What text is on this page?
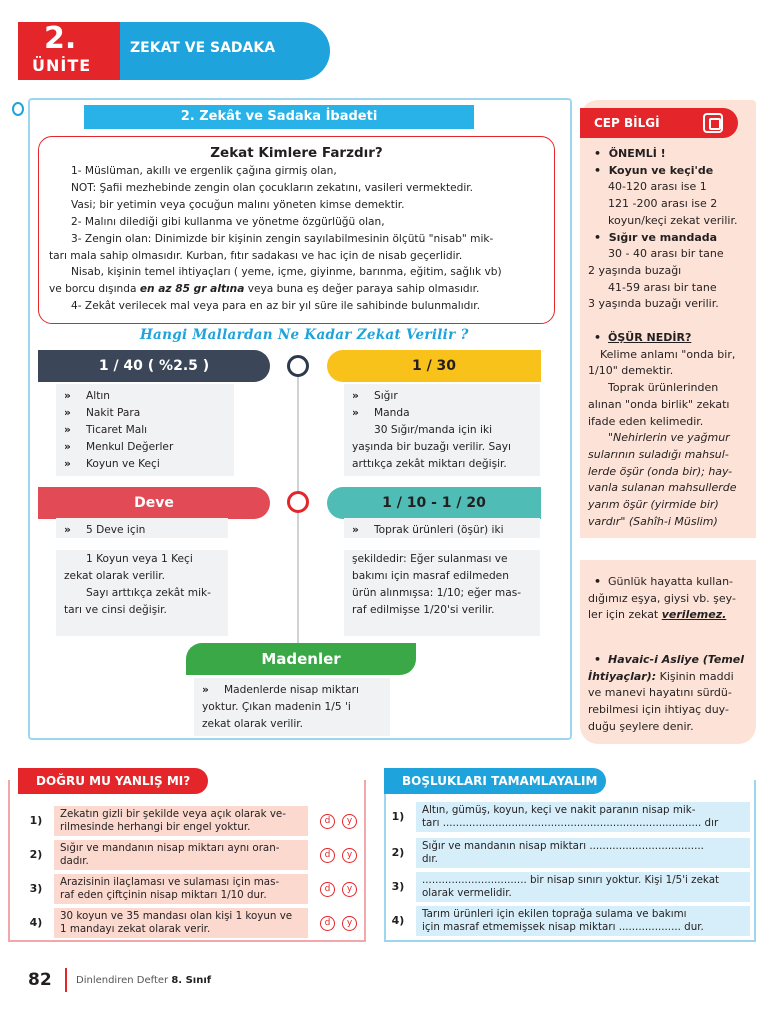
2.
ÜNİTE
ZEKAT VE SADAKA
2. Zekât ve Sadaka İbadeti
Zekat Kimlere Farzdır?
1- Müslüman, akıllı ve ergenlik çağına girmiş olan,
NOT: Şafii mezhebinde zengin olan çocukların zekatını, vasileri vermektedir.
Vasi; bir yetimin veya çocuğun malını yöneten kimse demektir.
2- Malını dilediği gibi kullanma ve yönetme özgürlüğü olan,
3- Zengin olan: Dinimizde bir kişinin zengin sayılabilmesinin ölçütü "nisab" mik-
tarı mala sahip olmasıdır. Kurban, fıtır sadakası ve hac için de nisab geçerlidir.
Nisab, kişinin temel ihtiyaçları ( yeme, içme, giyinme, barınma, eğitim, sağlık vb)
ve borcu dışında en az 85 gr altına veya buna eş değer paraya sahip olmasıdır.
4- Zekât verilecek mal veya para en az bir yıl süre ile sahibinde bulunmalıdır.
Hangi Mallardan Ne Kadar Zekat Verilir ?
1 / 40 ( %2.5 )
» Altın
» Nakit Para
» Ticaret Malı
» Menkul Değerler
» Koyun ve Keçi
1 / 30
» Sığır
» Manda
30 Sığır/manda için iki
yaşında bir buzağı verilir. Sayı
arttıkça zekât miktarı değişir.
Deve
» 5 Deve için
1 Koyun veya 1 Keçi
zekat olarak verilir.
Sayı arttıkça zekât mik-
tarı ve cinsi değişir.
1 / 10 - 1 / 20
» Toprak ürünleri (öşür) iki
şekildedir: Eğer sulanması ve
bakımı için masraf edilmeden
ürün alınmışsa: 1/10; eğer mas-
raf edilmişse 1/20'si verilir.
Madenler
» Madenlerde nisap miktarı
yoktur. Çıkan madenin 1/5 'i
zekat olarak verilir.
CEP BİLGİ
• ÖNEMLİ !
• Koyun ve keçi'de
40-120 arası ise 1
121 -200 arası ise 2
koyun/keçi zekat verilir.
• Sığır ve mandada
30 - 40 arası bir tane
2 yaşında buzağı
41-59 arası bir tane
3 yaşında buzağı verilir.
• ÖŞÜR NEDİR?
Kelime anlamı "onda bir,
1/10" demektir.
Toprak ürünlerinden
alınan "onda birlik" zekatı
ifade eden kelimedir.
"Nehirlerin ve yağmur
sularının suladığı mahsul-
lerde öşür (onda bir); hay-
vanla sulanan mahsullerde
yarım öşür (yirmide bir)
vardır" (Sahîh-i Müslim)
• Günlük hayatta kullan-
dığımız eşya, giysi vb. şey-
ler için zekat verilemez.
• Havaic-i Asliye (Temel
İhtiyaçlar): Kişinin maddi
ve manevi hayatını sürdü-
rebilmesi için ihtiyaç duy-
duğu şeylere denir.
DOĞRU MU YANLIŞ MI?
1)	Zekatın gizli bir şekilde veya açık olarak ve-
rilmesinde herhangi bir engel yoktur.	d	y
2)	Sığır ve mandanın nisap miktarı aynı oran-
dadır.	d	y
3)	Arazisinin ilaçlaması ve sulaması için mas-
raf eden çiftçinin nisap miktarı 1/10 dur.	d	y
4)	30 koyun ve 35 mandası olan kişi 1 koyun ve
1 mandayı zekat olarak verir.	d	y
BOŞLUKLARI TAMAMLAYALIM
1)	Altın, gümüş, koyun, keçi ve nakit paranın nisap mik-
tarı ............................................................................... dır
2)	Sığır ve mandanın nisap miktarı ...................................
dır.
3)	................................ bir nisap sınırı yoktur. Kişi 1/5'i zekat
olarak vermelidir.
4)	Tarım ürünleri için ekilen toprağa sulama ve bakımı
için masraf etmemişsek nisap miktarı ................... dur.
82 Dinlendiren Defter 8. Sınıf
